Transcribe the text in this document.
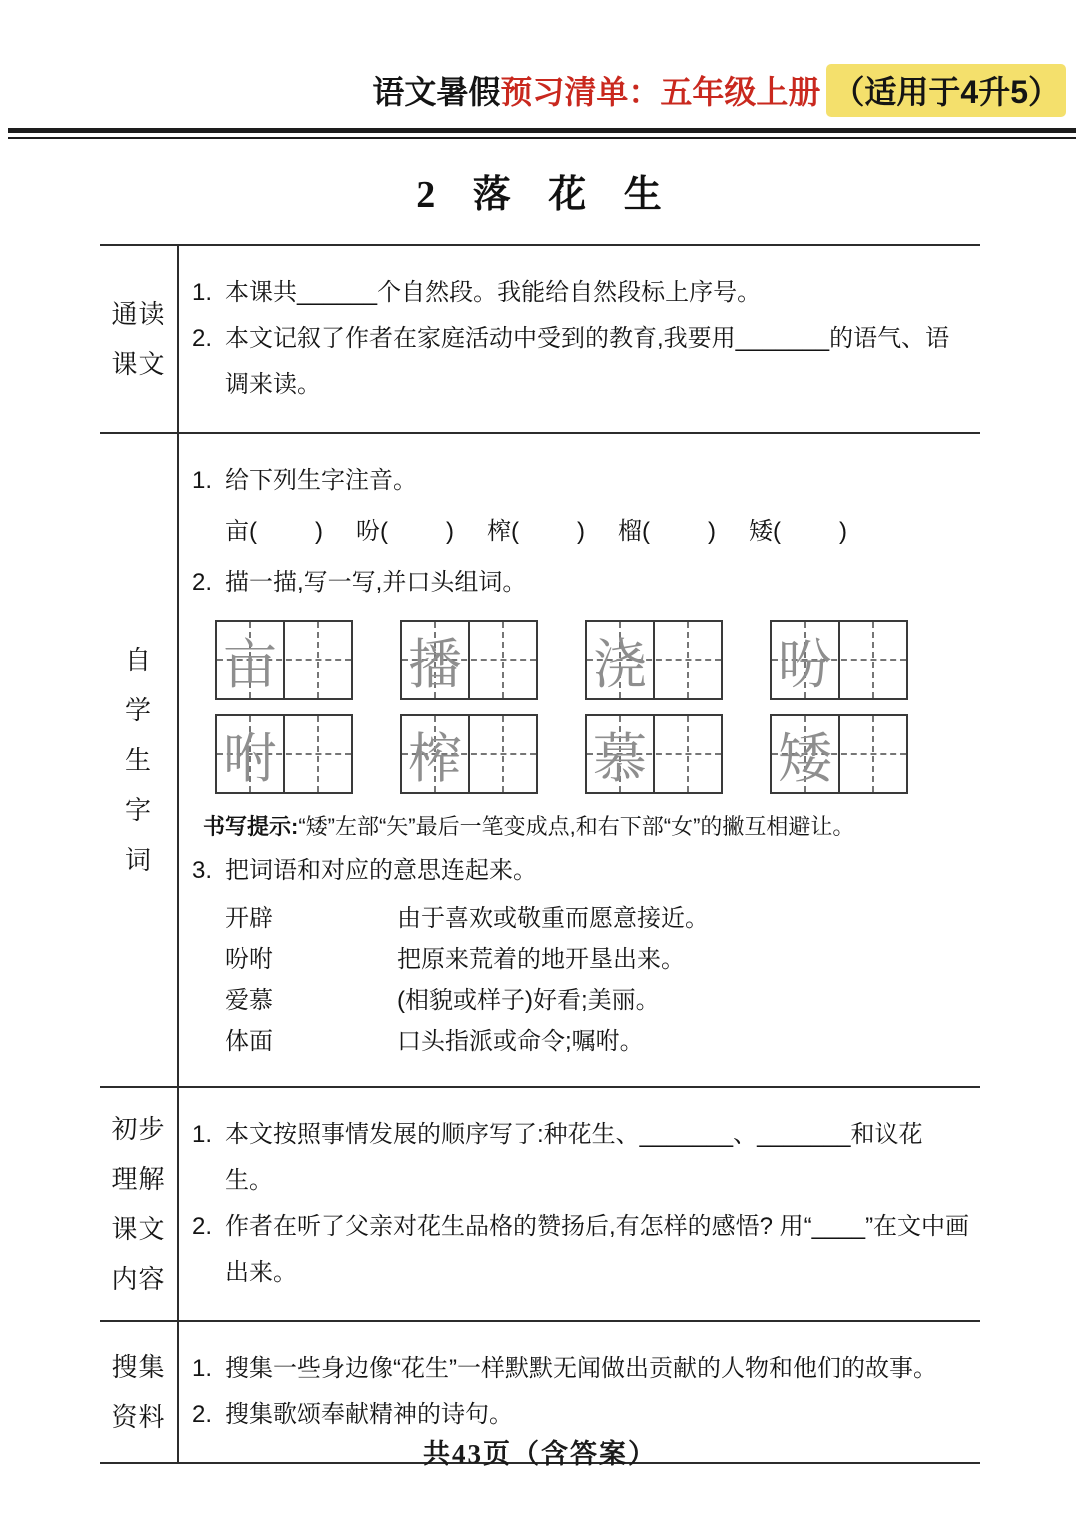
语文暑假预习清单：五年级上册 （适用于4升5）
2 落 花 生
通读
课文
1. 本课共______个自然段。我能给自然段标上序号。
2. 本文记叙了作者在家庭活动中受到的教育,我要用_______的语气、语调来读。
自
学
生
字
词
1. 给下列生字注音。
亩( ) 吩( ) 榨( ) 榴( ) 矮( )
2. 描一描,写一写,并口头组词。
亩 播 浇 吩
咐 榨 慕 矮
书写提示:“矮”左部“矢”最后一笔变成点,和右下部“女”的撇互相避让。
3. 把词语和对应的意思连起来。
开辟	由于喜欢或敬重而愿意接近。
吩咐	把原来荒着的地开垦出来。
爱慕	(相貌或样子)好看;美丽。
体面	口头指派或命令;嘱咐。
初步
理解
课文
内容
1. 本文按照事情发展的顺序写了:种花生、_______、_______和议花生。
2. 作者在听了父亲对花生品格的赞扬后,有怎样的感悟? 用“____”在文中画出来。
搜集
资料
1. 搜集一些身边像“花生”一样默默无闻做出贡献的人物和他们的故事。
2. 搜集歌颂奉献精神的诗句。
共43页（含答案）
